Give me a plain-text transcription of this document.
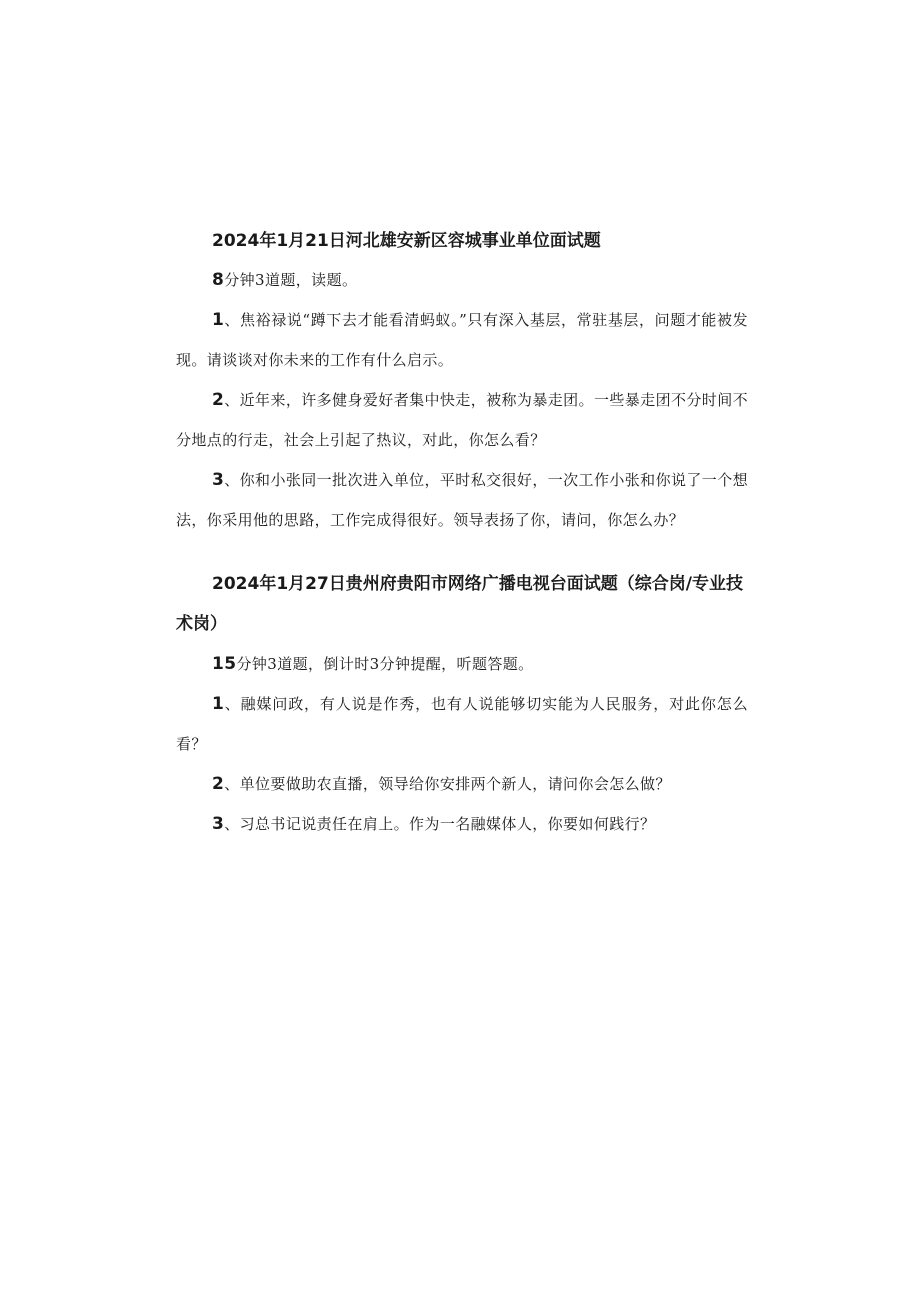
2024年1月21日河北雄安新区容城事业单位面试题

8分钟3道题，读题。

1、焦裕禄说“蹲下去才能看清蚂蚁。”只有深入基层，常驻基层，问题才能被发现。请谈谈对你未来的工作有什么启示。

2、近年来，许多健身爱好者集中快走，被称为暴走团。一些暴走团不分时间不分地点的行走，社会上引起了热议，对此，你怎么看？

3、你和小张同一批次进入单位，平时私交很好，一次工作小张和你说了一个想法，你采用他的思路，工作完成得很好。领导表扬了你，请问，你怎么办？

2024年1月27日贵州府贵阳市网络广播电视台面试题（综合岗/专业技术岗）

15分钟3道题，倒计时3分钟提醒，听题答题。

1、融媒问政，有人说是作秀，也有人说能够切实能为人民服务，对此你怎么看？

2、单位要做助农直播，领导给你安排两个新人，请问你会怎么做？

3、习总书记说责任在肩上。作为一名融媒体人，你要如何践行？
